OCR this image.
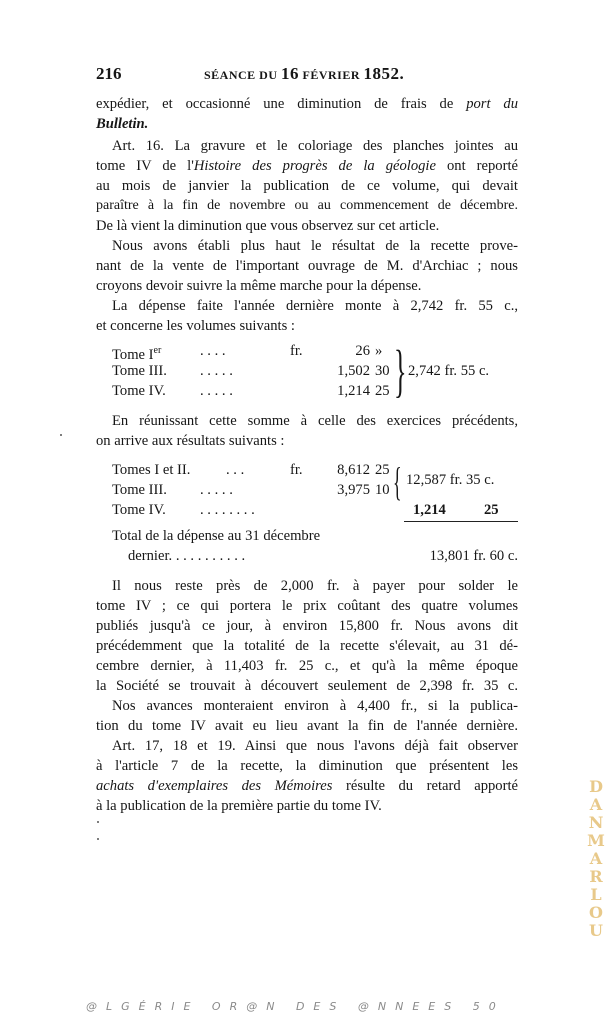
216	SÉANCE DU 16 FÉVRIER 1852.
expédier, et occasionné une diminution de frais de port du
Bulletin.
Art. 16. La gravure et le coloriage des planches jointes au
tome IV de l'Histoire des progrès de la géologie ont reporté
au mois de janvier la publication de ce volume, qui devait
paraître à la fin de novembre ou au commencement de décembre.
De là vient la diminution que vous observez sur cet article.
Nous avons établi plus haut le résultat de la recette prove-
nant de la vente de l'important ouvrage de M. d'Archiac ; nous
croyons devoir suivre la même marche pour la dépense.
La dépense faite l'année dernière monte à 2,742 fr. 55 c.,
et concerne les volumes suivants :
Tome Ier	. . . .	fr.	26 »
Tome III. . . . . .	1,502 30
Tome IV. . . . . .	1,214 25 } 2,742 fr. 55 c.
En réunissant cette somme à celle des exercices précédents,
on arrive aux résultats suivants :
Tomes I et II. . . .	fr.	8,612 25
Tome III. . . . . .	3,975 10 { 12,587 fr. 35 c.
Tome IV. . . . . . . . .	1,214	25
Total de la dépense au 31 décembre
dernier. . . . . . . . . . .	13,801 fr. 60 c.
Il nous reste près de 2,000 fr. à payer pour solder le
tome IV ; ce qui portera le prix coûtant des quatre volumes
publiés jusqu'à ce jour, à environ 15,800 fr. Nous avons dit
précédemment que la totalité de la recette s'élevait, au 31 dé-
cembre dernier, à 11,403 fr. 25 c., et qu'à la même époque
la Société se trouvait à découvert seulement de 2,398 fr. 35 c.
Nos avances monteraient environ à 4,400 fr., si la publica-
tion du tome IV avait eu lieu avant la fin de l'année dernière.
Art. 17, 18 et 19. Ainsi que nous l'avons déjà fait observer
à l'article 7 de la recette, la diminution que présentent les
achats d'exemplaires des Mémoires résulte du retard apporté
à la publication de la première partie du tome IV.
DANMARLOU
@LGÉRIE OR@N DES @NNEES 50
